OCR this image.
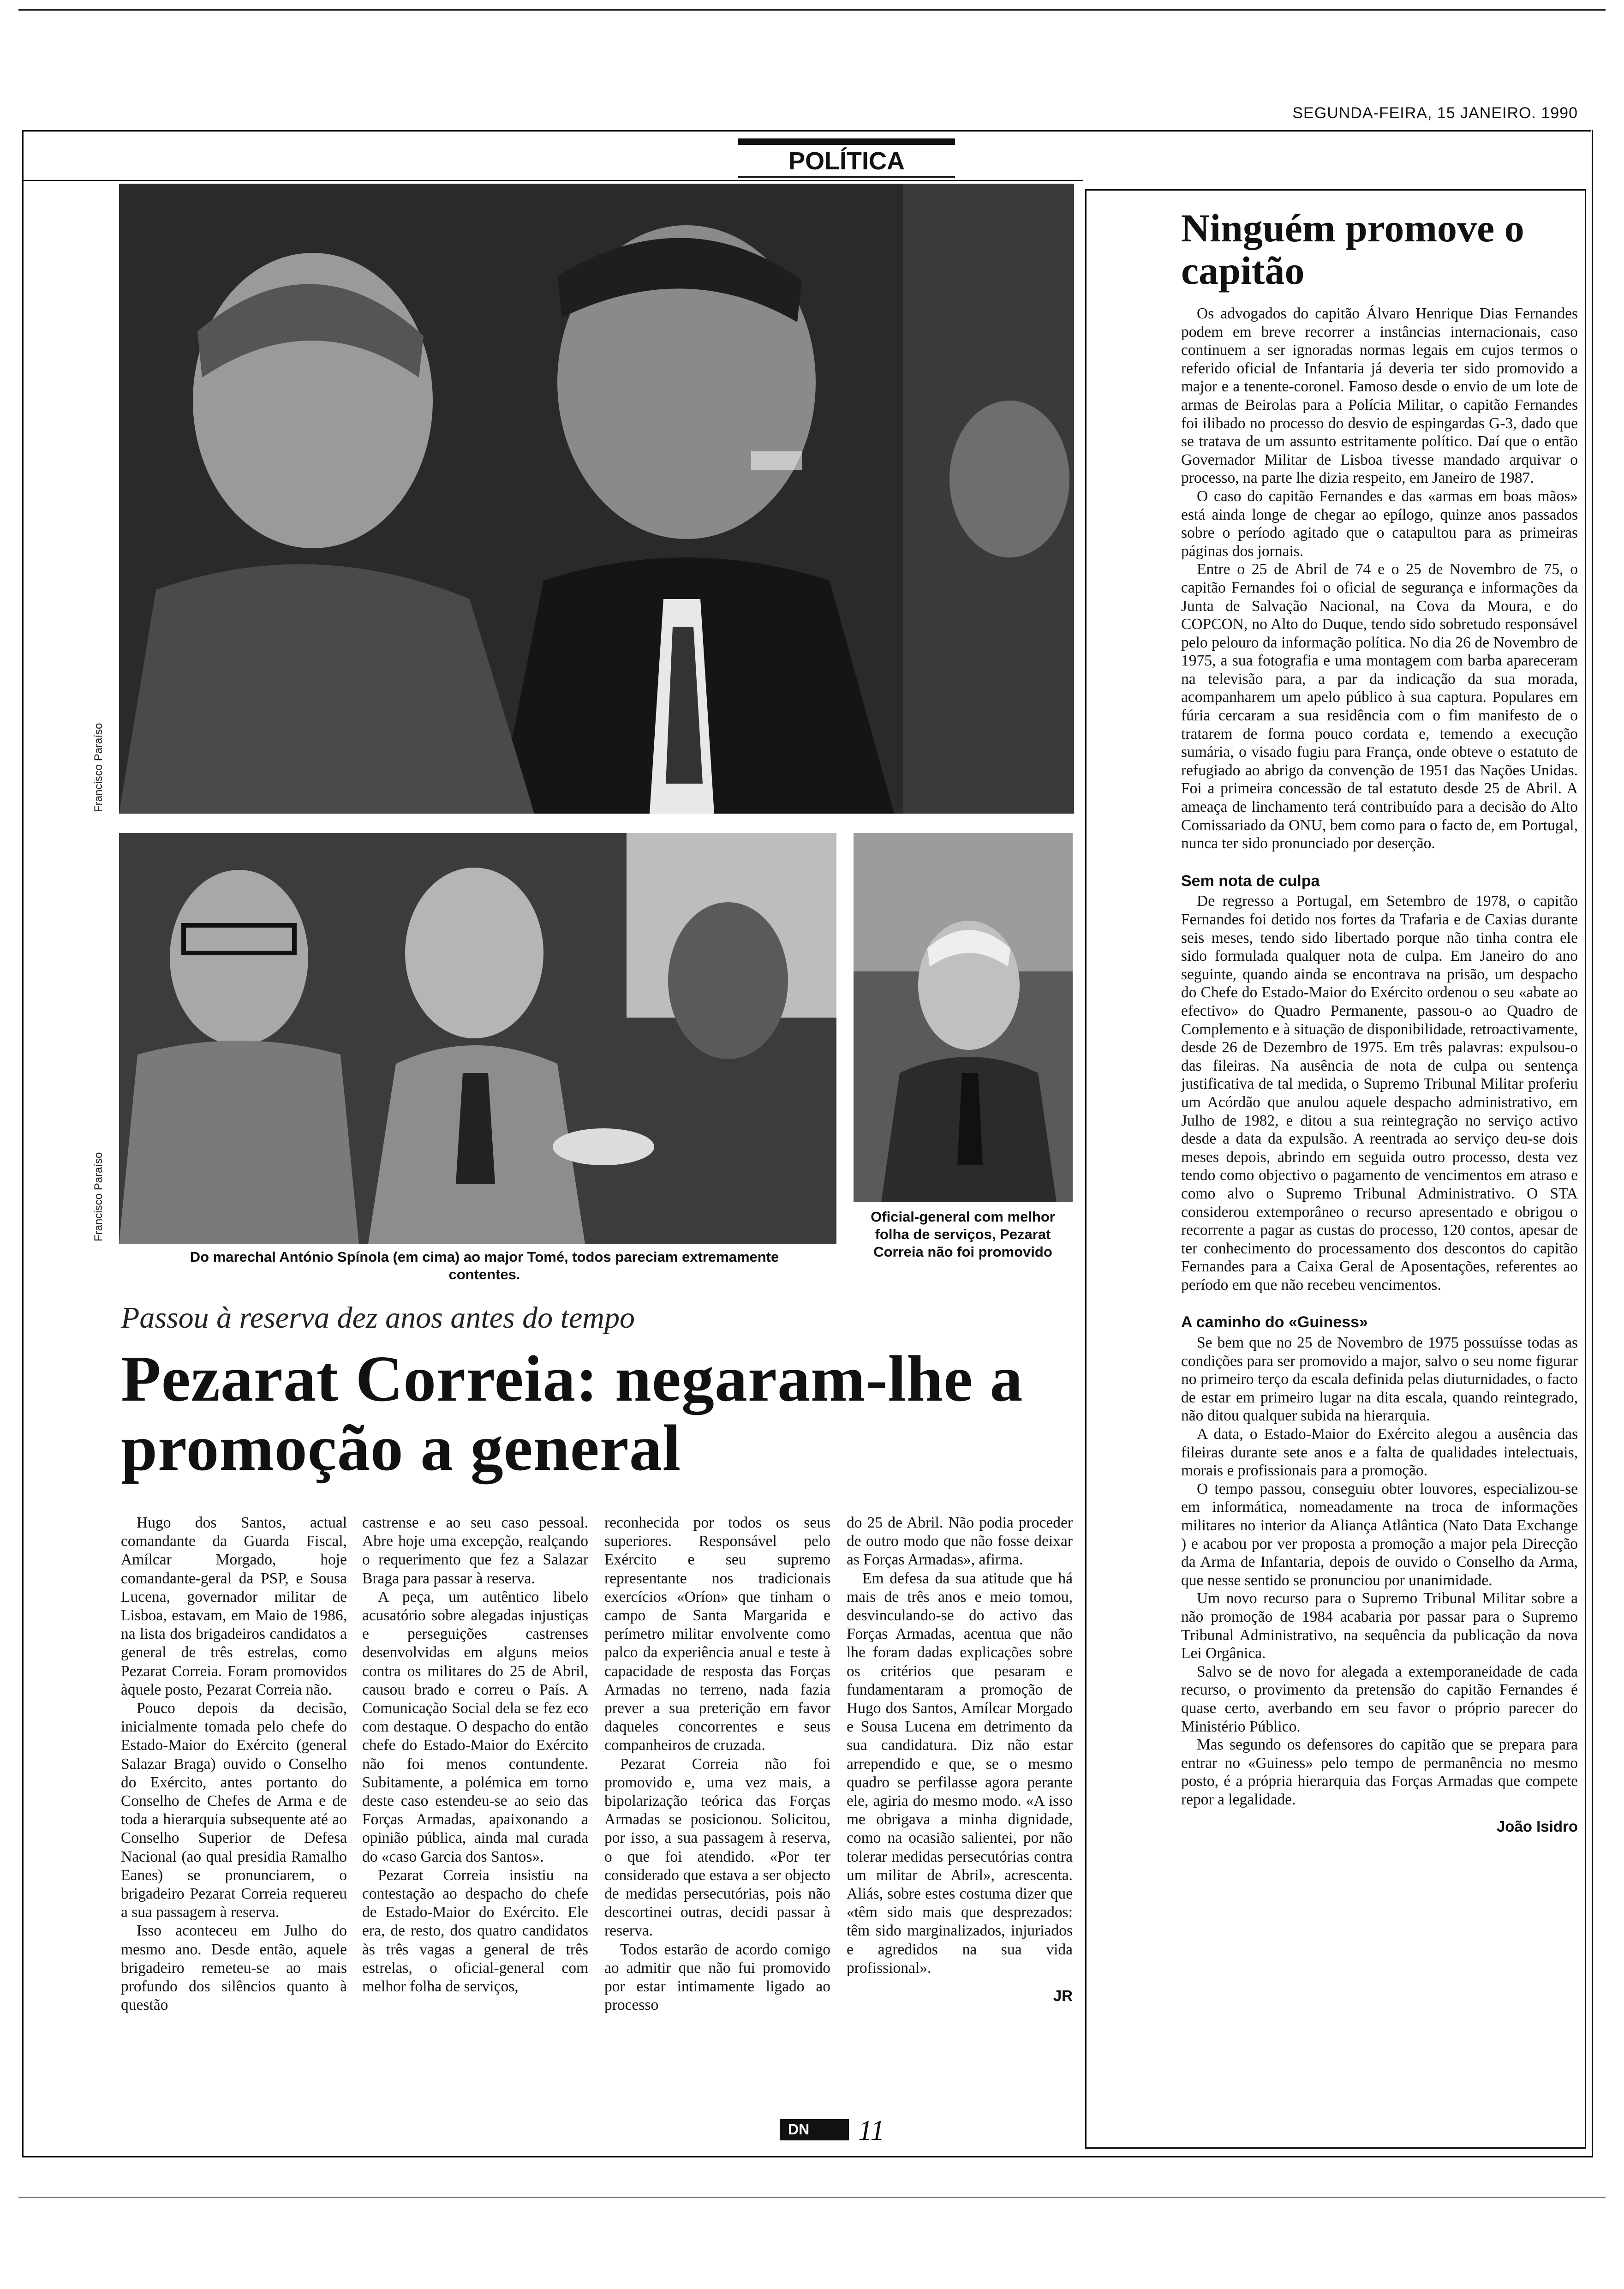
SEGUNDA-FEIRA, 15 JANEIRO. 1990
POLÍTICA
Francisco Paraíso
Francisco Paraíso
Do marechal António Spínola (em cima) ao major Tomé, todos pareciam extremamente contentes.
Oficial-general com melhor folha de serviços, Pezarat Correia não foi promovido
Passou à reserva dez anos antes do tempo
Pezarat Correia: negaram-lhe a promoção a general

Hugo dos Santos, actual comandante da Guarda Fiscal, Amílcar Morgado, hoje comandante-geral da PSP, e Sousa Lucena, governador militar de Lisboa, estavam, em Maio de 1986, na lista dos brigadeiros candidatos a general de três estrelas, como Pezarat Correia. Foram promovidos àquele posto, Pezarat Correia não.

Pouco depois da decisão, inicialmente tomada pelo chefe do Estado-Maior do Exército (general Salazar Braga) ouvido o Conselho do Exército, antes portanto do Conselho de Chefes de Arma e de toda a hierarquia subsequente até ao Conselho Superior de Defesa Nacional (ao qual presidia Ramalho Eanes) se pronunciarem, o brigadeiro Pezarat Correia requereu a sua passagem à reserva.

Isso aconteceu em Julho do mesmo ano. Desde então, aquele brigadeiro remeteu-se ao mais profundo dos silêncios quanto à questão

castrense e ao seu caso pessoal. Abre hoje uma excepção, realçando o requerimento que fez a Salazar Braga para passar à reserva.

A peça, um autêntico libelo acusatório sobre alegadas injustiças e perseguições castrenses desenvolvidas em alguns meios contra os militares do 25 de Abril, causou brado e correu o País. A Comunicação Social dela se fez eco com destaque. O despacho do então chefe do Estado-Maior do Exército não foi menos contundente. Subitamente, a polémica em torno deste caso estendeu-se ao seio das Forças Armadas, apaixonando a opinião pública, ainda mal curada do «caso Garcia dos Santos».

Pezarat Correia insistiu na contestação ao despacho do chefe de Estado-Maior do Exército. Ele era, de resto, dos quatro candidatos às três vagas a general de três estrelas, o oficial-general com melhor folha de serviços,

reconhecida por todos os seus superiores. Responsável pelo Exército e seu supremo representante nos tradicionais exercícios «Oríon» que tinham o campo de Santa Margarida e perímetro militar envolvente como palco da experiência anual e teste à capacidade de resposta das Forças Armadas no terreno, nada fazia prever a sua preterição em favor daqueles concorrentes e seus companheiros de cruzada.

Pezarat Correia não foi promovido e, uma vez mais, a bipolarização teórica das Forças Armadas se posicionou. Solicitou, por isso, a sua passagem à reserva, o que foi atendido. «Por ter considerado que estava a ser objecto de medidas persecutórias, pois não descortinei outras, decidi passar à reserva.

Todos estarão de acordo comigo ao admitir que não fui promovido por estar intimamente ligado ao processo

do 25 de Abril. Não podia proceder de outro modo que não fosse deixar as Forças Armadas», afirma.

Em defesa da sua atitude que há mais de três anos e meio tomou, desvinculando-se do activo das Forças Armadas, acentua que não lhe foram dadas explicações sobre os critérios que pesaram e fundamentaram a promoção de Hugo dos Santos, Amílcar Morgado e Sousa Lucena em detrimento da sua candidatura. Diz não estar arrependido e que, se o mesmo quadro se perfilasse agora perante ele, agiria do mesmo modo. «A isso me obrigava a minha dignidade, como na ocasião salientei, por não tolerar medidas persecutórias contra um militar de Abril», acrescenta. Aliás, sobre estes costuma dizer que «têm sido mais que desprezados: têm sido marginalizados, injuriados e agredidos na sua vida profissional».

JR

Ninguém promove o capitão

Os advogados do capitão Álvaro Henrique Dias Fernandes podem em breve recorrer a instâncias internacionais, caso continuem a ser ignoradas normas legais em cujos termos o referido oficial de Infantaria já deveria ter sido promovido a major e a tenente-coronel. Famoso desde o envio de um lote de armas de Beirolas para a Polícia Militar, o capitão Fernandes foi ilibado no processo do desvio de espingardas G-3, dado que se tratava de um assunto estritamente político. Daí que o então Governador Militar de Lisboa tivesse mandado arquivar o processo, na parte lhe dizia respeito, em Janeiro de 1987.

O caso do capitão Fernandes e das «armas em boas mãos» está ainda longe de chegar ao epílogo, quinze anos passados sobre o período agitado que o catapultou para as primeiras páginas dos jornais.

Entre o 25 de Abril de 74 e o 25 de Novembro de 75, o capitão Fernandes foi o oficial de segurança e informações da Junta de Salvação Nacional, na Cova da Moura, e do COPCON, no Alto do Duque, tendo sido sobretudo responsável pelo pelouro da informação política. No dia 26 de Novembro de 1975, a sua fotografia e uma montagem com barba apareceram na televisão para, a par da indicação da sua morada, acompanharem um apelo público à sua captura. Populares em fúria cercaram a sua residência com o fim manifesto de o tratarem de forma pouco cordata e, temendo a execução sumária, o visado fugiu para França, onde obteve o estatuto de refugiado ao abrigo da convenção de 1951 das Nações Unidas. Foi a primeira concessão de tal estatuto desde 25 de Abril. A ameaça de linchamento terá contribuído para a decisão do Alto Comissariado da ONU, bem como para o facto de, em Portugal, nunca ter sido pronunciado por deserção.

Sem nota de culpa

De regresso a Portugal, em Setembro de 1978, o capitão Fernandes foi detido nos fortes da Trafaria e de Caxias durante seis meses, tendo sido libertado porque não tinha contra ele sido formulada qualquer nota de culpa. Em Janeiro do ano seguinte, quando ainda se encontrava na prisão, um despacho do Chefe do Estado-Maior do Exército ordenou o seu «abate ao efectivo» do Quadro Permanente, passou-o ao Quadro de Complemento e à situação de disponibilidade, retroactivamente, desde 26 de Dezembro de 1975. Em três palavras: expulsou-o das fileiras. Na ausência de nota de culpa ou sentença justificativa de tal medida, o Supremo Tribunal Militar proferiu um Acórdão que anulou aquele despacho administrativo, em Julho de 1982, e ditou a sua reintegração no serviço activo desde a data da expulsão. A reentrada ao serviço deu-se dois meses depois, abrindo em seguida outro processo, desta vez tendo como objectivo o pagamento de vencimentos em atraso e como alvo o Supremo Tribunal Administrativo. O STA considerou extemporâneo o recurso apresentado e obrigou o recorrente a pagar as custas do processo, 120 contos, apesar de ter conhecimento do processamento dos descontos do capitão Fernandes para a Caixa Geral de Aposentações, referentes ao período em que não recebeu vencimentos.

A caminho do «Guiness»

Se bem que no 25 de Novembro de 1975 possuísse todas as condições para ser promovido a major, salvo o seu nome figurar no primeiro terço da escala definida pelas diuturnidades, o facto de estar em primeiro lugar na dita escala, quando reintegrado, não ditou qualquer subida na hierarquia.

A data, o Estado-Maior do Exército alegou a ausência das fileiras durante sete anos e a falta de qualidades intelectuais, morais e profissionais para a promoção.

O tempo passou, conseguiu obter louvores, especializou-se em informática, nomeadamente na troca de informações militares no interior da Aliança Atlântica (Nato Data Exchange ) e acabou por ver proposta a promoção a major pela Direcção da Arma de Infantaria, depois de ouvido o Conselho da Arma, que nesse sentido se pronunciou por unanimidade.

Um novo recurso para o Supremo Tribunal Militar sobre a não promoção de 1984 acabaria por passar para o Supremo Tribunal Administrativo, na sequência da publicação da nova Lei Orgânica.

Salvo se de novo for alegada a extemporaneidade de cada recurso, o provimento da pretensão do capitão Fernandes é quase certo, averbando em seu favor o próprio parecer do Ministério Público.

Mas segundo os defensores do capitão que se prepara para entrar no «Guiness» pelo tempo de permanência no mesmo posto, é a própria hierarquia das Forças Armadas que compete repor a legalidade.

João Isidro

DN 11
